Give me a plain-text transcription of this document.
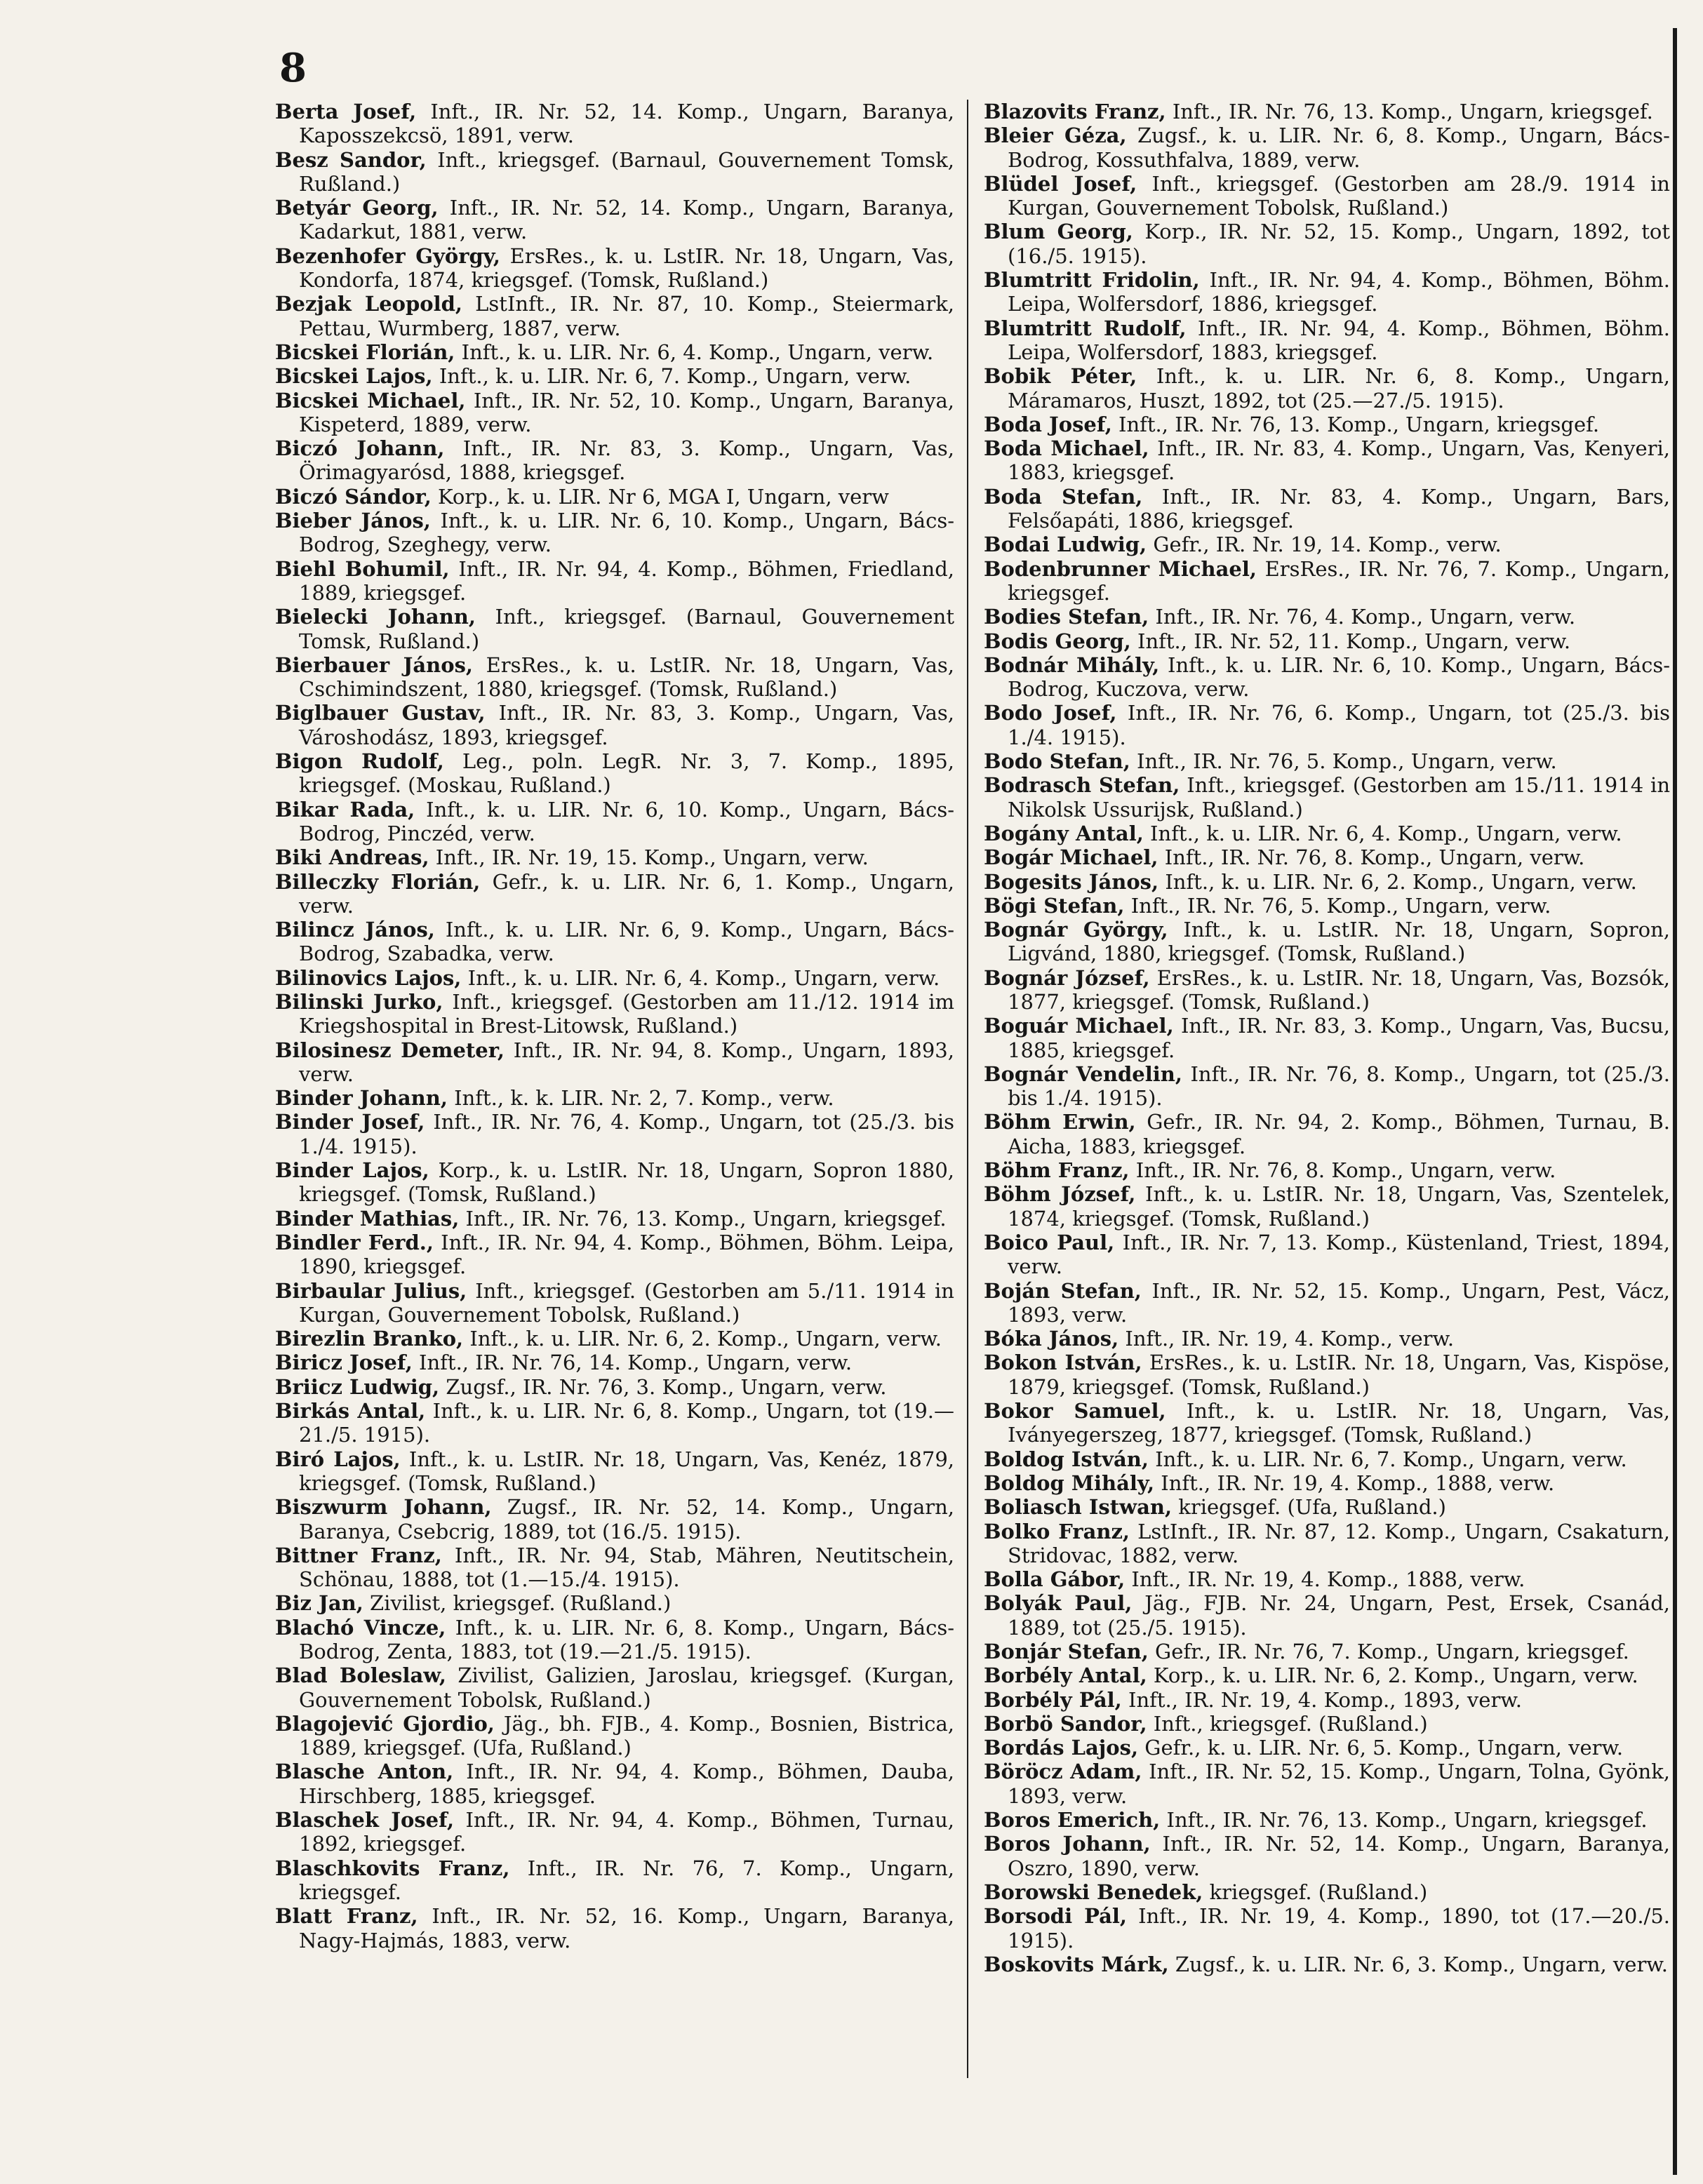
8

Berta Josef, Inft., IR. Nr. 52, 14. Komp., Ungarn, Baranya, Kaposszekcsö, 1891, verw.

Besz Sandor, Inft., kriegsgef. (Barnaul, Gouvernement Tomsk, Rußland.)

Betyár Georg, Inft., IR. Nr. 52, 14. Komp., Ungarn, Baranya, Kadarkut, 1881, verw.

Bezenhofer György, ErsRes., k. u. LstIR. Nr. 18, Ungarn, Vas, Kondorfa, 1874, kriegsgef. (Tomsk, Rußland.)

Bezjak Leopold, LstInft., IR. Nr. 87, 10. Komp., Steiermark, Pettau, Wurmberg, 1887, verw.

Bicskei Florián, Inft., k. u. LIR. Nr. 6, 4. Komp., Ungarn, verw.

Bicskei Lajos, Inft., k. u. LIR. Nr. 6, 7. Komp., Ungarn, verw.

Bicskei Michael, Inft., IR. Nr. 52, 10. Komp., Ungarn, Baranya, Kispeterd, 1889, verw.

Biczó Johann, Inft., IR. Nr. 83, 3. Komp., Ungarn, Vas, Örimagyarósd, 1888, kriegsgef.

Biczó Sándor, Korp., k. u. LIR. Nr 6, MGA I, Ungarn, verw

Bieber János, Inft., k. u. LIR. Nr. 6, 10. Komp., Ungarn, Bács-Bodrog, Szeghegy, verw.

Biehl Bohumil, Inft., IR. Nr. 94, 4. Komp., Böhmen, Friedland, 1889, kriegsgef.

Bielecki Johann, Inft., kriegsgef. (Barnaul, Gouvernement Tomsk, Rußland.)

Bierbauer János, ErsRes., k. u. LstIR. Nr. 18, Ungarn, Vas, Cschimindszent, 1880, kriegsgef. (Tomsk, Rußland.)

Biglbauer Gustav, Inft., IR. Nr. 83, 3. Komp., Ungarn, Vas, Városhodász, 1893, kriegsgef.

Bigon Rudolf, Leg., poln. LegR. Nr. 3, 7. Komp., 1895, kriegsgef. (Moskau, Rußland.)

Bikar Rada, Inft., k. u. LIR. Nr. 6, 10. Komp., Ungarn, Bács-Bodrog, Pinczéd, verw.

Biki Andreas, Inft., IR. Nr. 19, 15. Komp., Ungarn, verw.

Billeczky Florián, Gefr., k. u. LIR. Nr. 6, 1. Komp., Ungarn, verw.

Bilincz János, Inft., k. u. LIR. Nr. 6, 9. Komp., Ungarn, Bács-Bodrog, Szabadka, verw.

Bilinovics Lajos, Inft., k. u. LIR. Nr. 6, 4. Komp., Ungarn, verw.

Bilinski Jurko, Inft., kriegsgef. (Gestorben am 11./12. 1914 im Kriegshospital in Brest-Litowsk, Rußland.)

Bilosinesz Demeter, Inft., IR. Nr. 94, 8. Komp., Ungarn, 1893, verw.

Binder Johann, Inft., k. k. LIR. Nr. 2, 7. Komp., verw.

Binder Josef, Inft., IR. Nr. 76, 4. Komp., Ungarn, tot (25./3. bis 1./4. 1915).

Binder Lajos, Korp., k. u. LstIR. Nr. 18, Ungarn, Sopron 1880, kriegsgef. (Tomsk, Rußland.)

Binder Mathias, Inft., IR. Nr. 76, 13. Komp., Ungarn, kriegsgef.

Bindler Ferd., Inft., IR. Nr. 94, 4. Komp., Böhmen, Böhm. Leipa, 1890, kriegsgef.

Birbaular Julius, Inft., kriegsgef. (Gestorben am 5./11. 1914 in Kurgan, Gouvernement Tobolsk, Rußland.)

Birezlin Branko, Inft., k. u. LIR. Nr. 6, 2. Komp., Ungarn, verw.

Biricz Josef, Inft., IR. Nr. 76, 14. Komp., Ungarn, verw.

Briicz Ludwig, Zugsf., IR. Nr. 76, 3. Komp., Ungarn, verw.

Birkás Antal, Inft., k. u. LIR. Nr. 6, 8. Komp., Ungarn, tot (19.—21./5. 1915).

Biró Lajos, Inft., k. u. LstIR. Nr. 18, Ungarn, Vas, Kenéz, 1879, kriegsgef. (Tomsk, Rußland.)

Biszwurm Johann, Zugsf., IR. Nr. 52, 14. Komp., Ungarn, Baranya, Csebcrig, 1889, tot (16./5. 1915).

Bittner Franz, Inft., IR. Nr. 94, Stab, Mähren, Neutitschein, Schönau, 1888, tot (1.—15./4. 1915).

Biz Jan, Zivilist, kriegsgef. (Rußland.)

Blachó Vincze, Inft., k. u. LIR. Nr. 6, 8. Komp., Ungarn, Bács-Bodrog, Zenta, 1883, tot (19.—21./5. 1915).

Blad Boleslaw, Zivilist, Galizien, Jaroslau, kriegsgef. (Kurgan, Gouvernement Tobolsk, Rußland.)

Blagojević Gjordio, Jäg., bh. FJB., 4. Komp., Bosnien, Bistrica, 1889, kriegsgef. (Ufa, Rußland.)

Blasche Anton, Inft., IR. Nr. 94, 4. Komp., Böhmen, Dauba, Hirschberg, 1885, kriegsgef.

Blaschek Josef, Inft., IR. Nr. 94, 4. Komp., Böhmen, Turnau, 1892, kriegsgef.

Blaschkovits Franz, Inft., IR. Nr. 76, 7. Komp., Ungarn, kriegsgef.

Blatt Franz, Inft., IR. Nr. 52, 16. Komp., Ungarn, Baranya, Nagy-Hajmás, 1883, verw.

Blazovits Franz, Inft., IR. Nr. 76, 13. Komp., Ungarn, kriegsgef.

Bleier Géza, Zugsf., k. u. LIR. Nr. 6, 8. Komp., Ungarn, Bács-Bodrog, Kossuthfalva, 1889, verw.

Blüdel Josef, Inft., kriegsgef. (Gestorben am 28./9. 1914 in Kurgan, Gouvernement Tobolsk, Rußland.)

Blum Georg, Korp., IR. Nr. 52, 15. Komp., Ungarn, 1892, tot (16./5. 1915).

Blumtritt Fridolin, Inft., IR. Nr. 94, 4. Komp., Böhmen, Böhm. Leipa, Wolfersdorf, 1886, kriegsgef.

Blumtritt Rudolf, Inft., IR. Nr. 94, 4. Komp., Böhmen, Böhm. Leipa, Wolfersdorf, 1883, kriegsgef.

Bobik Péter, Inft., k. u. LIR. Nr. 6, 8. Komp., Ungarn, Máramaros, Huszt, 1892, tot (25.—27./5. 1915).

Boda Josef, Inft., IR. Nr. 76, 13. Komp., Ungarn, kriegsgef.

Boda Michael, Inft., IR. Nr. 83, 4. Komp., Ungarn, Vas, Kenyeri, 1883, kriegsgef.

Boda Stefan, Inft., IR. Nr. 83, 4. Komp., Ungarn, Bars, Felsőapáti, 1886, kriegsgef.

Bodai Ludwig, Gefr., IR. Nr. 19, 14. Komp., verw.

Bodenbrunner Michael, ErsRes., IR. Nr. 76, 7. Komp., Ungarn, kriegsgef.

Bodies Stefan, Inft., IR. Nr. 76, 4. Komp., Ungarn, verw.

Bodis Georg, Inft., IR. Nr. 52, 11. Komp., Ungarn, verw.

Bodnár Mihály, Inft., k. u. LIR. Nr. 6, 10. Komp., Ungarn, Bács-Bodrog, Kuczova, verw.

Bodo Josef, Inft., IR. Nr. 76, 6. Komp., Ungarn, tot (25./3. bis 1./4. 1915).

Bodo Stefan, Inft., IR. Nr. 76, 5. Komp., Ungarn, verw.

Bodrasch Stefan, Inft., kriegsgef. (Gestorben am 15./11. 1914 in Nikolsk Ussurijsk, Rußland.)

Bogány Antal, Inft., k. u. LIR. Nr. 6, 4. Komp., Ungarn, verw.

Bogár Michael, Inft., IR. Nr. 76, 8. Komp., Ungarn, verw.

Bogesits János, Inft., k. u. LIR. Nr. 6, 2. Komp., Ungarn, verw.

Bögi Stefan, Inft., IR. Nr. 76, 5. Komp., Ungarn, verw.

Bognár György, Inft., k. u. LstIR. Nr. 18, Ungarn, Sopron, Ligvánd, 1880, kriegsgef. (Tomsk, Rußland.)

Bognár József, ErsRes., k. u. LstIR. Nr. 18, Ungarn, Vas, Bozsók, 1877, kriegsgef. (Tomsk, Rußland.)

Boguár Michael, Inft., IR. Nr. 83, 3. Komp., Ungarn, Vas, Bucsu, 1885, kriegsgef.

Bognár Vendelin, Inft., IR. Nr. 76, 8. Komp., Ungarn, tot (25./3. bis 1./4. 1915).

Böhm Erwin, Gefr., IR. Nr. 94, 2. Komp., Böhmen, Turnau, B. Aicha, 1883, kriegsgef.

Böhm Franz, Inft., IR. Nr. 76, 8. Komp., Ungarn, verw.

Böhm József, Inft., k. u. LstIR. Nr. 18, Ungarn, Vas, Szentelek, 1874, kriegsgef. (Tomsk, Rußland.)

Boico Paul, Inft., IR. Nr. 7, 13. Komp., Küstenland, Triest, 1894, verw.

Boján Stefan, Inft., IR. Nr. 52, 15. Komp., Ungarn, Pest, Vácz, 1893, verw.

Bóka János, Inft., IR. Nr. 19, 4. Komp., verw.

Bokon István, ErsRes., k. u. LstIR. Nr. 18, Ungarn, Vas, Kispöse, 1879, kriegsgef. (Tomsk, Rußland.)

Bokor Samuel, Inft., k. u. LstIR. Nr. 18, Ungarn, Vas, Iványegerszeg, 1877, kriegsgef. (Tomsk, Rußland.)

Boldog István, Inft., k. u. LIR. Nr. 6, 7. Komp., Ungarn, verw.

Boldog Mihály, Inft., IR. Nr. 19, 4. Komp., 1888, verw.

Boliasch Istwan, kriegsgef. (Ufa, Rußland.)

Bolko Franz, LstInft., IR. Nr. 87, 12. Komp., Ungarn, Csakaturn, Stridovac, 1882, verw.

Bolla Gábor, Inft., IR. Nr. 19, 4. Komp., 1888, verw.

Bolyák Paul, Jäg., FJB. Nr. 24, Ungarn, Pest, Ersek, Csanád, 1889, tot (25./5. 1915).

Bonjár Stefan, Gefr., IR. Nr. 76, 7. Komp., Ungarn, kriegsgef.

Borbély Antal, Korp., k. u. LIR. Nr. 6, 2. Komp., Ungarn, verw.

Borbély Pál, Inft., IR. Nr. 19, 4. Komp., 1893, verw.

Borbö Sandor, Inft., kriegsgef. (Rußland.)

Bordás Lajos, Gefr., k. u. LIR. Nr. 6, 5. Komp., Ungarn, verw.

Böröcz Adam, Inft., IR. Nr. 52, 15. Komp., Ungarn, Tolna, Gyönk, 1893, verw.

Boros Emerich, Inft., IR. Nr. 76, 13. Komp., Ungarn, kriegsgef.

Boros Johann, Inft., IR. Nr. 52, 14. Komp., Ungarn, Baranya, Oszro, 1890, verw.

Borowski Benedek, kriegsgef. (Rußland.)

Borsodi Pál, Inft., IR. Nr. 19, 4. Komp., 1890, tot (17.—20./5. 1915).

Boskovits Márk, Zugsf., k. u. LIR. Nr. 6, 3. Komp., Ungarn, verw.
